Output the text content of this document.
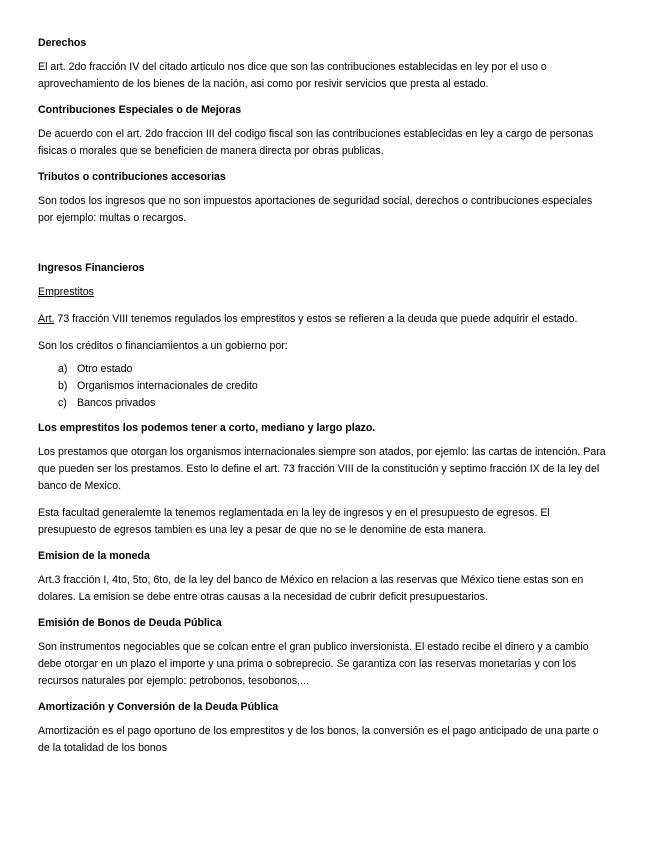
Derechos
El art. 2do fracción IV del citado articulo nos dice que son las contribuciones establecidas en ley por el uso o aprovechamiento de los bienes de la nación, asi como por resivir servicios que presta al estado.
Contribuciones Especiales o de Mejoras
De acuerdo con el art. 2do fraccion III del codigo fiscal son las contribuciones establecidas en ley a cargo de personas fisicas o morales que se beneficien de manera directa por obras publicas.
Tributos o contribuciones accesorias
Son todos los ingresos que no son impuestos aportaciones de seguridad social, derechos o contribuciones especiales por ejemplo: multas o recargos.
Ingresos Financieros
Emprestitos
Art. 73 fracción VIII tenemos regulados los emprestitos y estos se refieren a la deuda que puede adquirir el estado.
Son los créditos o financiamientos a un gobierno por:
a) Otro estado
b) Organismos internacionales de credito
c) Bancos privados
Los emprestitos los podemos tener a corto, mediano y largo plazo.
Los prestamos que otorgan los organismos internacionales siempre son atados, por ejemlo: las cartas de intención. Para que pueden ser los prestamos. Esto lo define el art. 73 fracción VIII de la constitución y septimo fracción IX de la ley del banco de Mexico.
Esta facultad generalemte la tenemos reglamentada en la ley de ingresos y en el presupuesto de egresos. El presupuesto de egresos tambien es una ley a pesar de que no se le denomine de esta manera.
Emision de la moneda
Art.3 fracción I, 4to, 5to, 6to, de la ley del banco de México en relacion a las reservas que México tiene estas son en dolares. La emision se debe entre otras causas a la necesidad de cubrir deficit presupuestarios.
Emisión de Bonos de Deuda Pública
Son instrumentos negociables que se colcan entre el gran publico inversionista. El estado recibe el dinero y a cambio debe otorgar en un plazo el importe y una prima o sobreprecio. Se garantiza con las reservas monetarias y con los recursos naturales por ejemplo: petrobonos, tesobonos,...
Amortización y Conversión de la Deuda Pública
Amortización es el pago oportuno de los emprestitos y de los bonos, la conversión es el pago anticipado de una parte o de la totalidad de los bonos
